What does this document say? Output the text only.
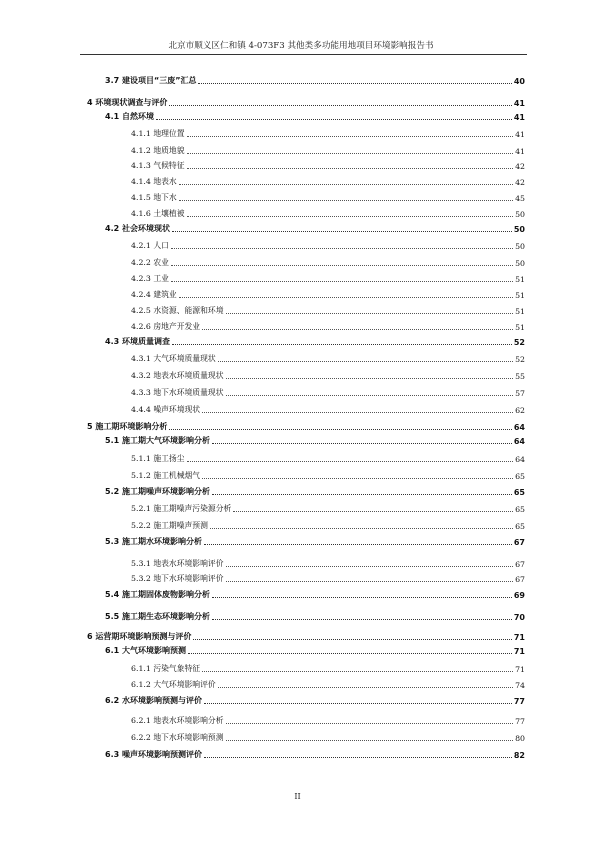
北京市顺义区仁和镇 4-073F3 其他类多功能用地项目环境影响报告书
3.7 建设项目“三废”汇总	40
4 环境现状调查与评价	41
4.1 自然环境	41
4.1.1 地理位置	41
4.1.2 地质地貌	41
4.1.3 气候特征	42
4.1.4 地表水	42
4.1.5 地下水	45
4.1.6 土壤植被	50
4.2 社会环境现状	50
4.2.1 人口	50
4.2.2 农业	50
4.2.3 工业	51
4.2.4 建筑业	51
4.2.5 水资源、能源和环境	51
4.2.6 房地产开发业	51
4.3 环境质量调查	52
4.3.1 大气环境质量现状	52
4.3.2 地表水环境质量现状	55
4.3.3 地下水环境质量现状	57
4.4.4 噪声环境现状	62
5 施工期环境影响分析	64
5.1 施工期大气环境影响分析	64
5.1.1 施工扬尘	64
5.1.2 施工机械烟气	65
5.2 施工期噪声环境影响分析	65
5.2.1 施工期噪声污染源分析	65
5.2.2 施工期噪声预测	65
5.3 施工期水环境影响分析	67
5.3.1 地表水环境影响评价	67
5.3.2 地下水环境影响评价	67
5.4 施工期固体废物影响分析	69
5.5 施工期生态环境影响分析	70
6 运营期环境影响预测与评价	71
6.1 大气环境影响预测	71
6.1.1 污染气象特征	71
6.1.2 大气环境影响评价	74
6.2 水环境影响预测与评价	77
6.2.1 地表水环境影响分析	77
6.2.2 地下水环境影响预测	80
6.3 噪声环境影响预测评价	82
II
